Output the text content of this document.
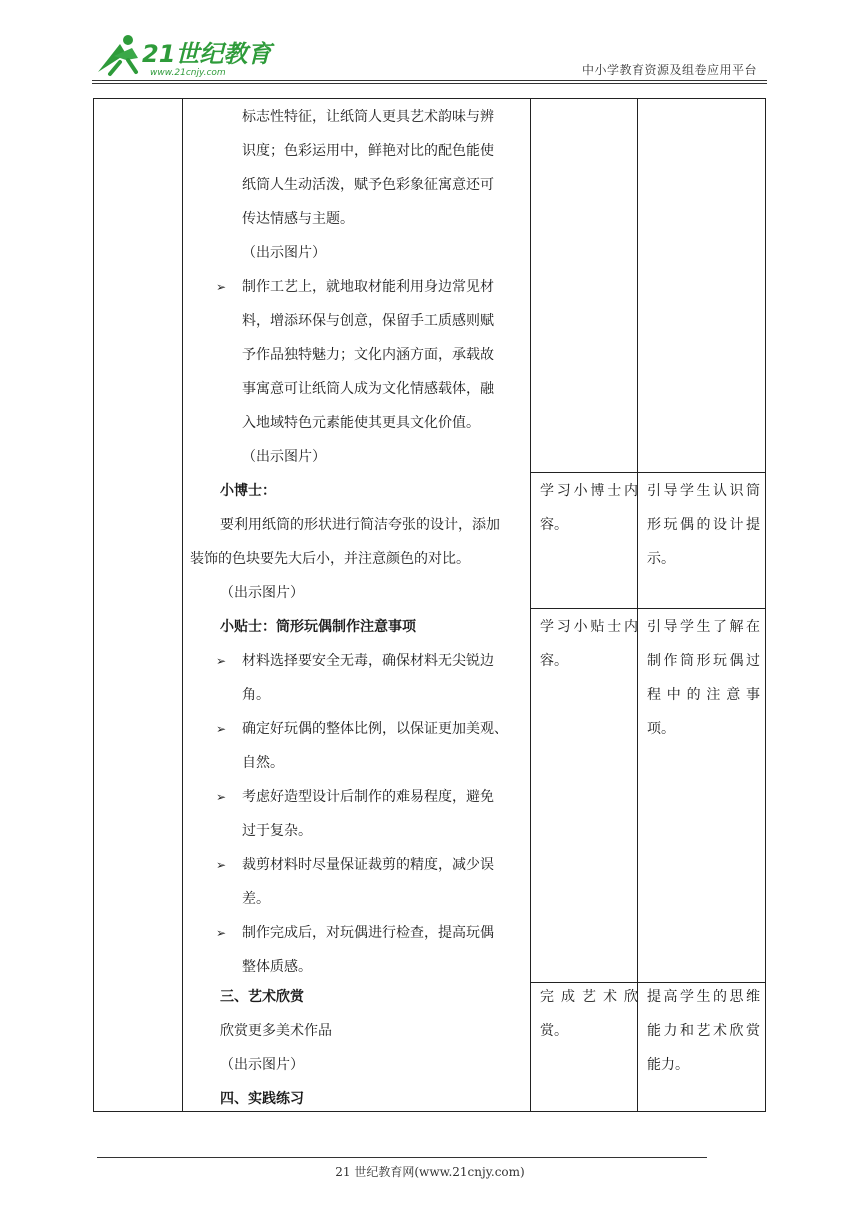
21世纪教育
www.21cnjy.com	中小学教育资源及组卷应用平台
标志性特征，让纸筒人更具艺术韵味与辨
识度；色彩运用中，鲜艳对比的配色能使
纸筒人生动活泼，赋予色彩象征寓意还可
传达情感与主题。
（出示图片）
➢ 制作工艺上，就地取材能利用身边常见材
料，增添环保与创意，保留手工质感则赋
予作品独特魅力；文化内涵方面，承载故
事寓意可让纸筒人成为文化情感载体，融
入地域特色元素能使其更具文化价值。
（出示图片）
小博士：
要利用纸筒的形状进行简洁夸张的设计，添加
装饰的色块要先大后小，并注意颜色的对比。
（出示图片）
学习小博士内
容。
引导学生认识筒
形玩偶的设计提
示。
小贴士：筒形玩偶制作注意事项
➢ 材料选择要安全无毒，确保材料无尖锐边
角。
➢ 确定好玩偶的整体比例，以保证更加美观、
自然。
➢ 考虑好造型设计后制作的难易程度，避免
过于复杂。
➢ 裁剪材料时尽量保证裁剪的精度，减少误
差。
➢ 制作完成后，对玩偶进行检查，提高玩偶
整体质感。
学习小贴士内
容。
引导学生了解在
制作筒形玩偶过
程中的注意事
项。
三、艺术欣赏
欣赏更多美术作品
（出示图片）
四、实践练习
完成艺术欣
赏。
提高学生的思维
能力和艺术欣赏
能力。
21 世纪教育网(www.21cnjy.com)
